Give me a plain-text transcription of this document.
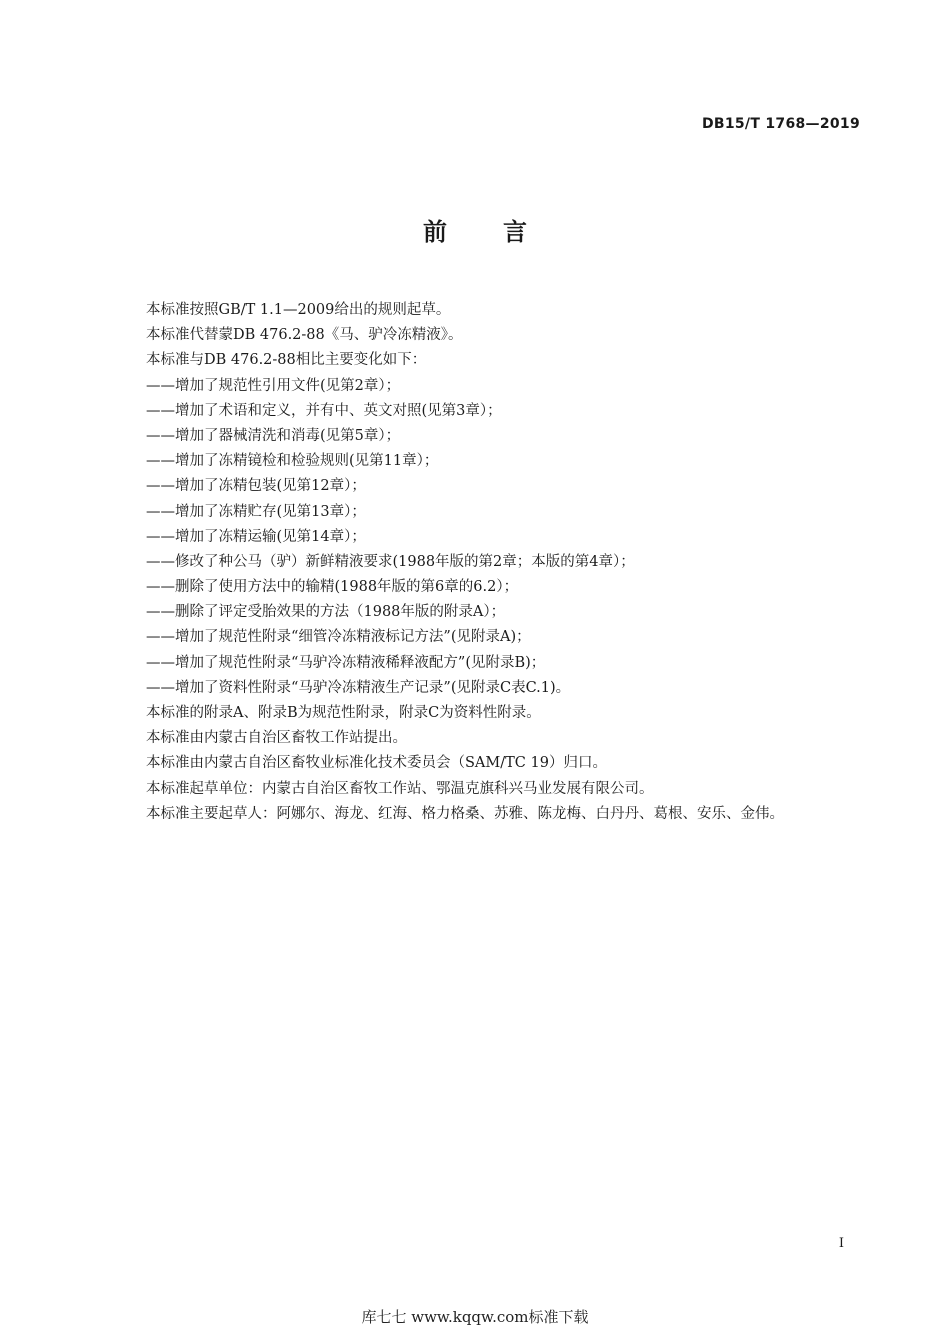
DB15/T 1768—2019
前 言
本标准按照GB/T 1.1—2009给出的规则起草。
本标准代替蒙DB 476.2-88《马、驴冷冻精液》。
本标准与DB 476.2-88相比主要变化如下：
——增加了规范性引用文件(见第2章）；
——增加了术语和定义，并有中、英文对照(见第3章）；
——增加了器械清洗和消毒(见第5章）；
——增加了冻精镜检和检验规则(见第11章）；
——增加了冻精包装(见第12章）；
——增加了冻精贮存(见第13章）；
——增加了冻精运输(见第14章）；
——修改了种公马（驴）新鲜精液要求(1988年版的第2章；本版的第4章）；
——删除了使用方法中的输精(1988年版的第6章的6.2）；
——删除了评定受胎效果的方法（1988年版的附录A）；
——增加了规范性附录“细管冷冻精液标记方法”(见附录A)；
——增加了规范性附录“马驴冷冻精液稀释液配方”(见附录B)；
——增加了资料性附录“马驴冷冻精液生产记录”(见附录C表C.1)。
本标准的附录A、附录B为规范性附录，附录C为资料性附录。
本标准由内蒙古自治区畜牧工作站提出。
本标准由内蒙古自治区畜牧业标准化技术委员会（SAM/TC 19）归口。
本标准起草单位：内蒙古自治区畜牧工作站、鄂温克旗科兴马业发展有限公司。
本标准主要起草人：阿娜尔、海龙、红海、格力格桑、苏雅、陈龙梅、白丹丹、葛根、安乐、金伟。
I
库七七 www.kqqw.com标准下载
